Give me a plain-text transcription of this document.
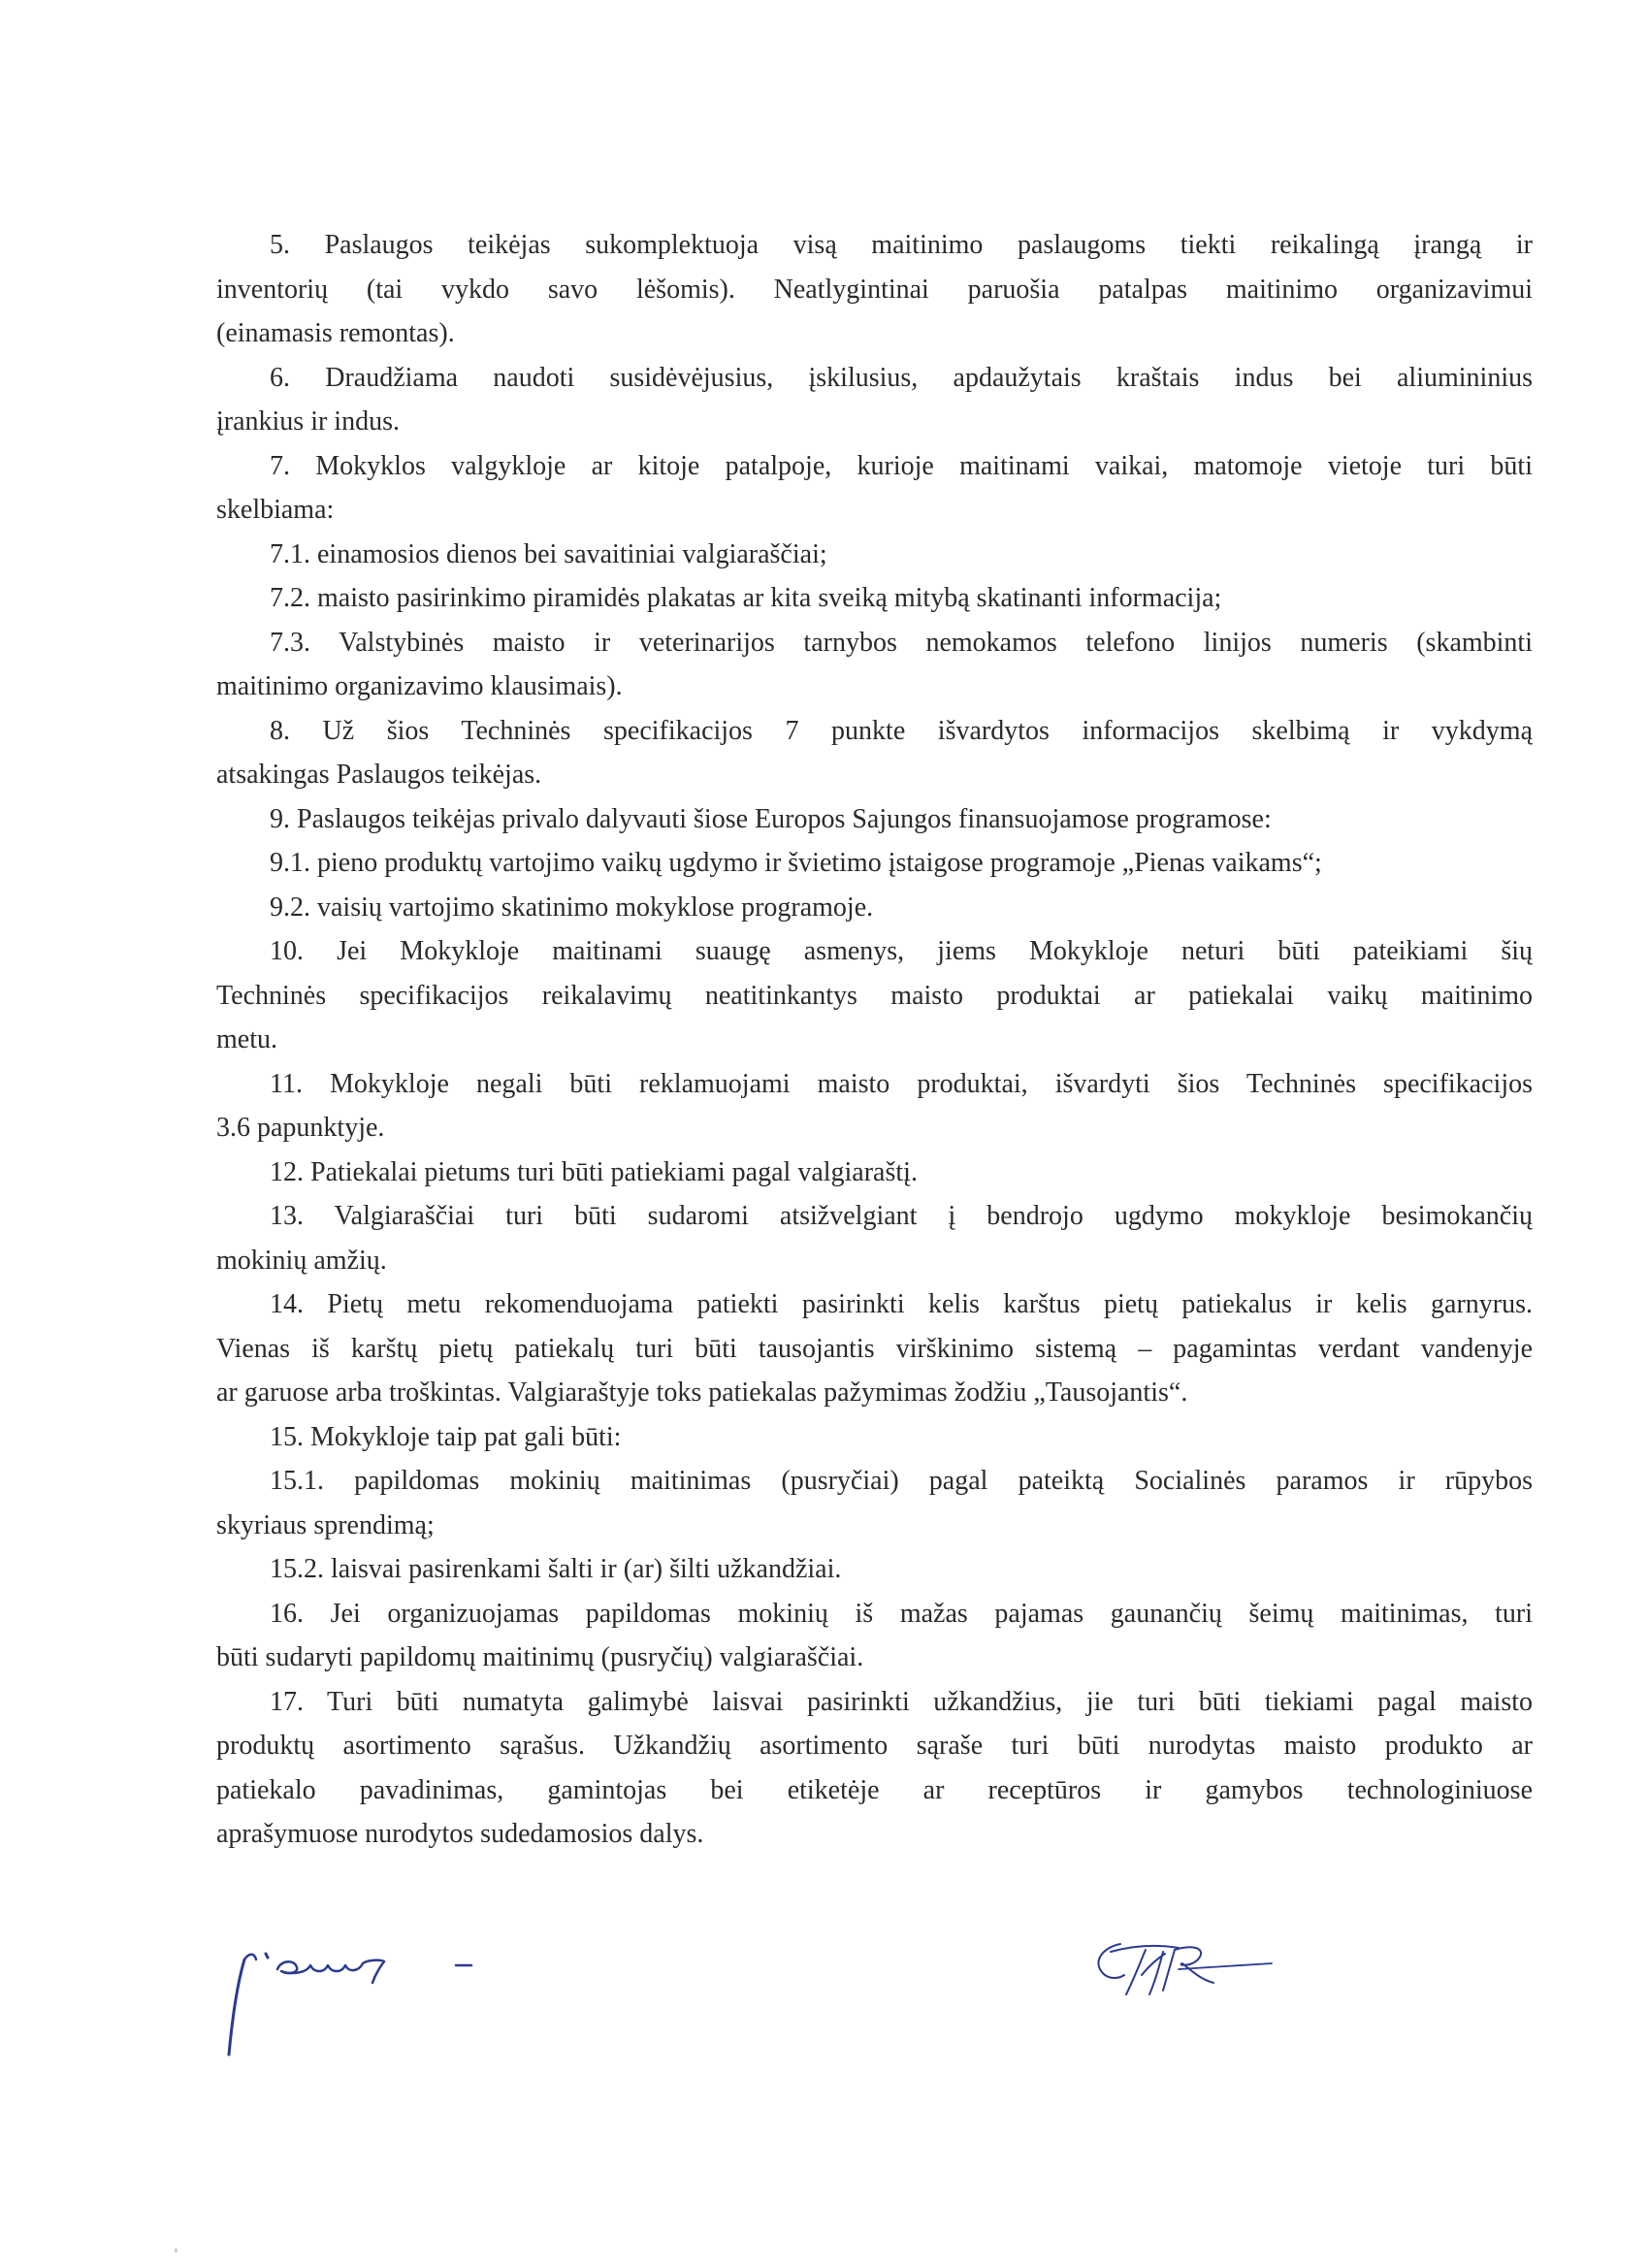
5. Paslaugos teikėjas sukomplektuoja visą maitinimo paslaugoms tiekti reikalingą įrangą ir
inventorių (tai vykdo savo lėšomis). Neatlygintinai paruošia patalpas maitinimo organizavimui
(einamasis remontas).
6. Draudžiama naudoti susidėvėjusius, įskilusius, apdaužytais kraštais indus bei aliumininius
įrankius ir indus.
7. Mokyklos valgykloje ar kitoje patalpoje, kurioje maitinami vaikai, matomoje vietoje turi būti
skelbiama:
7.1. einamosios dienos bei savaitiniai valgiaraščiai;
7.2. maisto pasirinkimo piramidės plakatas ar kita sveiką mitybą skatinanti informacija;
7.3. Valstybinės maisto ir veterinarijos tarnybos nemokamos telefono linijos numeris (skambinti
maitinimo organizavimo klausimais).
8. Už šios Techninės specifikacijos 7 punkte išvardytos informacijos skelbimą ir vykdymą
atsakingas Paslaugos teikėjas.
9. Paslaugos teikėjas privalo dalyvauti šiose Europos Sajungos finansuojamose programose:
9.1. pieno produktų vartojimo vaikų ugdymo ir švietimo įstaigose programoje „Pienas vaikams“;
9.2. vaisių vartojimo skatinimo mokyklose programoje.
10. Jei Mokykloje maitinami suaugę asmenys, jiems Mokykloje neturi būti pateikiami šių
Techninės specifikacijos reikalavimų neatitinkantys maisto produktai ar patiekalai vaikų maitinimo
metu.
11. Mokykloje negali būti reklamuojami maisto produktai, išvardyti šios Techninės specifikacijos
3.6 papunktyje.
12. Patiekalai pietums turi būti patiekiami pagal valgiaraštį.
13. Valgiaraščiai turi būti sudaromi atsižvelgiant į bendrojo ugdymo mokykloje besimokančių
mokinių amžių.
14. Pietų metu rekomenduojama patiekti pasirinkti kelis karštus pietų patiekalus ir kelis garnyrus.
Vienas iš karštų pietų patiekalų turi būti tausojantis virškinimo sistemą – pagamintas verdant vandenyje
ar garuose arba troškintas. Valgiaraštyje toks patiekalas pažymimas žodžiu „Tausojantis“.
15. Mokykloje taip pat gali būti:
15.1. papildomas mokinių maitinimas (pusryčiai) pagal pateiktą Socialinės paramos ir rūpybos
skyriaus sprendimą;
15.2. laisvai pasirenkami šalti ir (ar) šilti užkandžiai.
16. Jei organizuojamas papildomas mokinių iš mažas pajamas gaunančių šeimų maitinimas, turi
būti sudaryti papildomų maitinimų (pusryčių) valgiaraščiai.
17. Turi būti numatyta galimybė laisvai pasirinkti užkandžius, jie turi būti tiekiami pagal maisto
produktų asortimento sąrašus. Užkandžių asortimento sąraše turi būti nurodytas maisto produkto ar
patiekalo pavadinimas, gamintojas bei etiketėje ar receptūros ir gamybos technologiniuose
aprašymuose nurodytos sudedamosios dalys.
